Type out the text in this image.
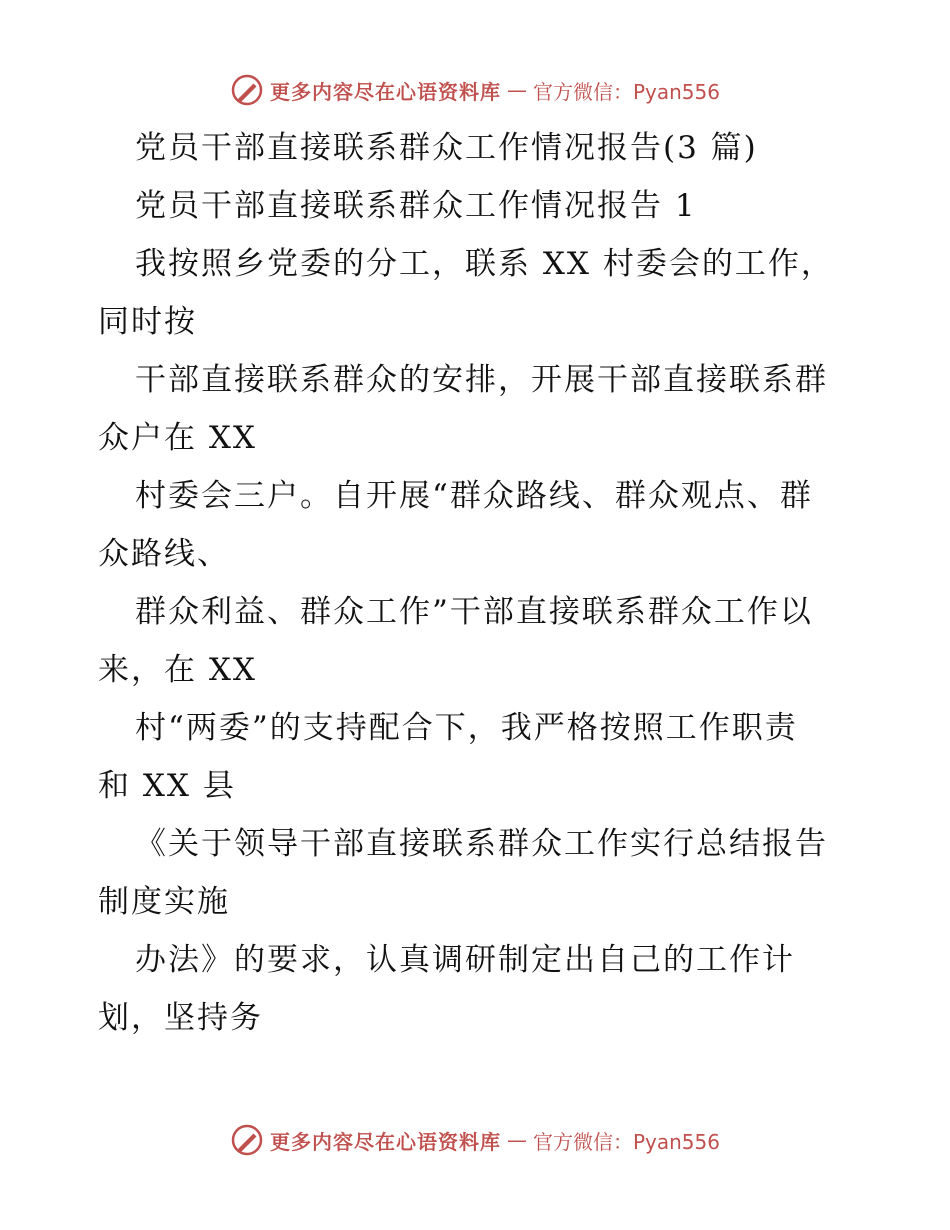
更多内容尽在心语资料库 — 官方微信：Pyan556
党员干部直接联系群众工作情况报告(3 篇)
党员干部直接联系群众工作情况报告 1
我按照乡党委的分工，联系 XX 村委会的工作，
同时按
干部直接联系群众的安排，开展干部直接联系群
众户在 XX
村委会三户。自开展“群众路线、群众观点、群
众路线、
群众利益、群众工作”干部直接联系群众工作以
来，在 XX
村“两委”的支持配合下，我严格按照工作职责
和 XX 县
《关于领导干部直接联系群众工作实行总结报告
制度实施
办法》的要求，认真调研制定出自己的工作计
划，坚持务
更多内容尽在心语资料库 — 官方微信：Pyan556
